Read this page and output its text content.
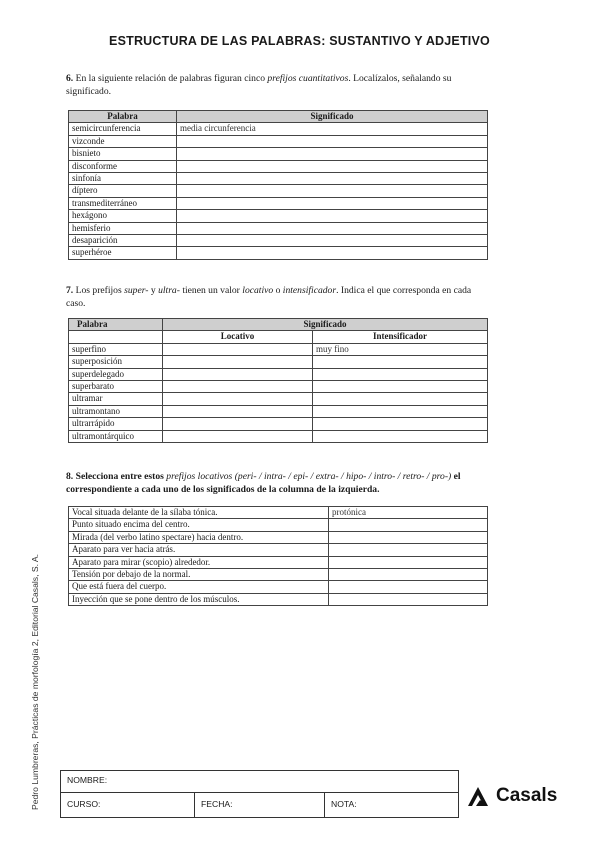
ESTRUCTURA DE LAS PALABRAS: SUSTANTIVO Y ADJETIVO
6. En la siguiente relación de palabras figuran cinco prefijos cuantitativos. Localízalos, señalando su significado.
Palabra	Significado
semicircunferencia	media circunferencia
vizconde	
bisnieto	
disconforme	
sinfonía	
díptero	
transmediterráneo	
hexágono	
hemisferio	
desaparición	
superhéroe	
7. Los prefijos super- y ultra- tienen un valor locativo o intensificador. Indica el que corresponda en cada caso.
Palabra	Significado	
	Locativo	Intensificador
superfino		muy fino
superposición		
superdelegado		
superbarato		
ultramar		
ultramontano		
ultrarrápido		
ultramontárquico		
8. Selecciona entre estos prefijos locativos (peri- / intra- / epi- / extra- / hipo- / intro- / retro- / pro-) el correspondiente a cada uno de los significados de la columna de la izquierda.
Vocal situada delante de la sílaba tónica.	protónica
Punto situado encima del centro.	
Mirada (del verbo latino spectare) hacia dentro.	
Aparato para ver hacia atrás.	
Aparato para mirar (scopio) alrededor.	
Tensión por debajo de la normal.	
Que está fuera del cuerpo.	
Inyección que se pone dentro de los músculos.	
Pedro Lumbreras, Prácticas de morfología 2, Editorial Casals, S. A.	NOMBRE:
CURSO:	FECHA:	NOTA:	Casals
